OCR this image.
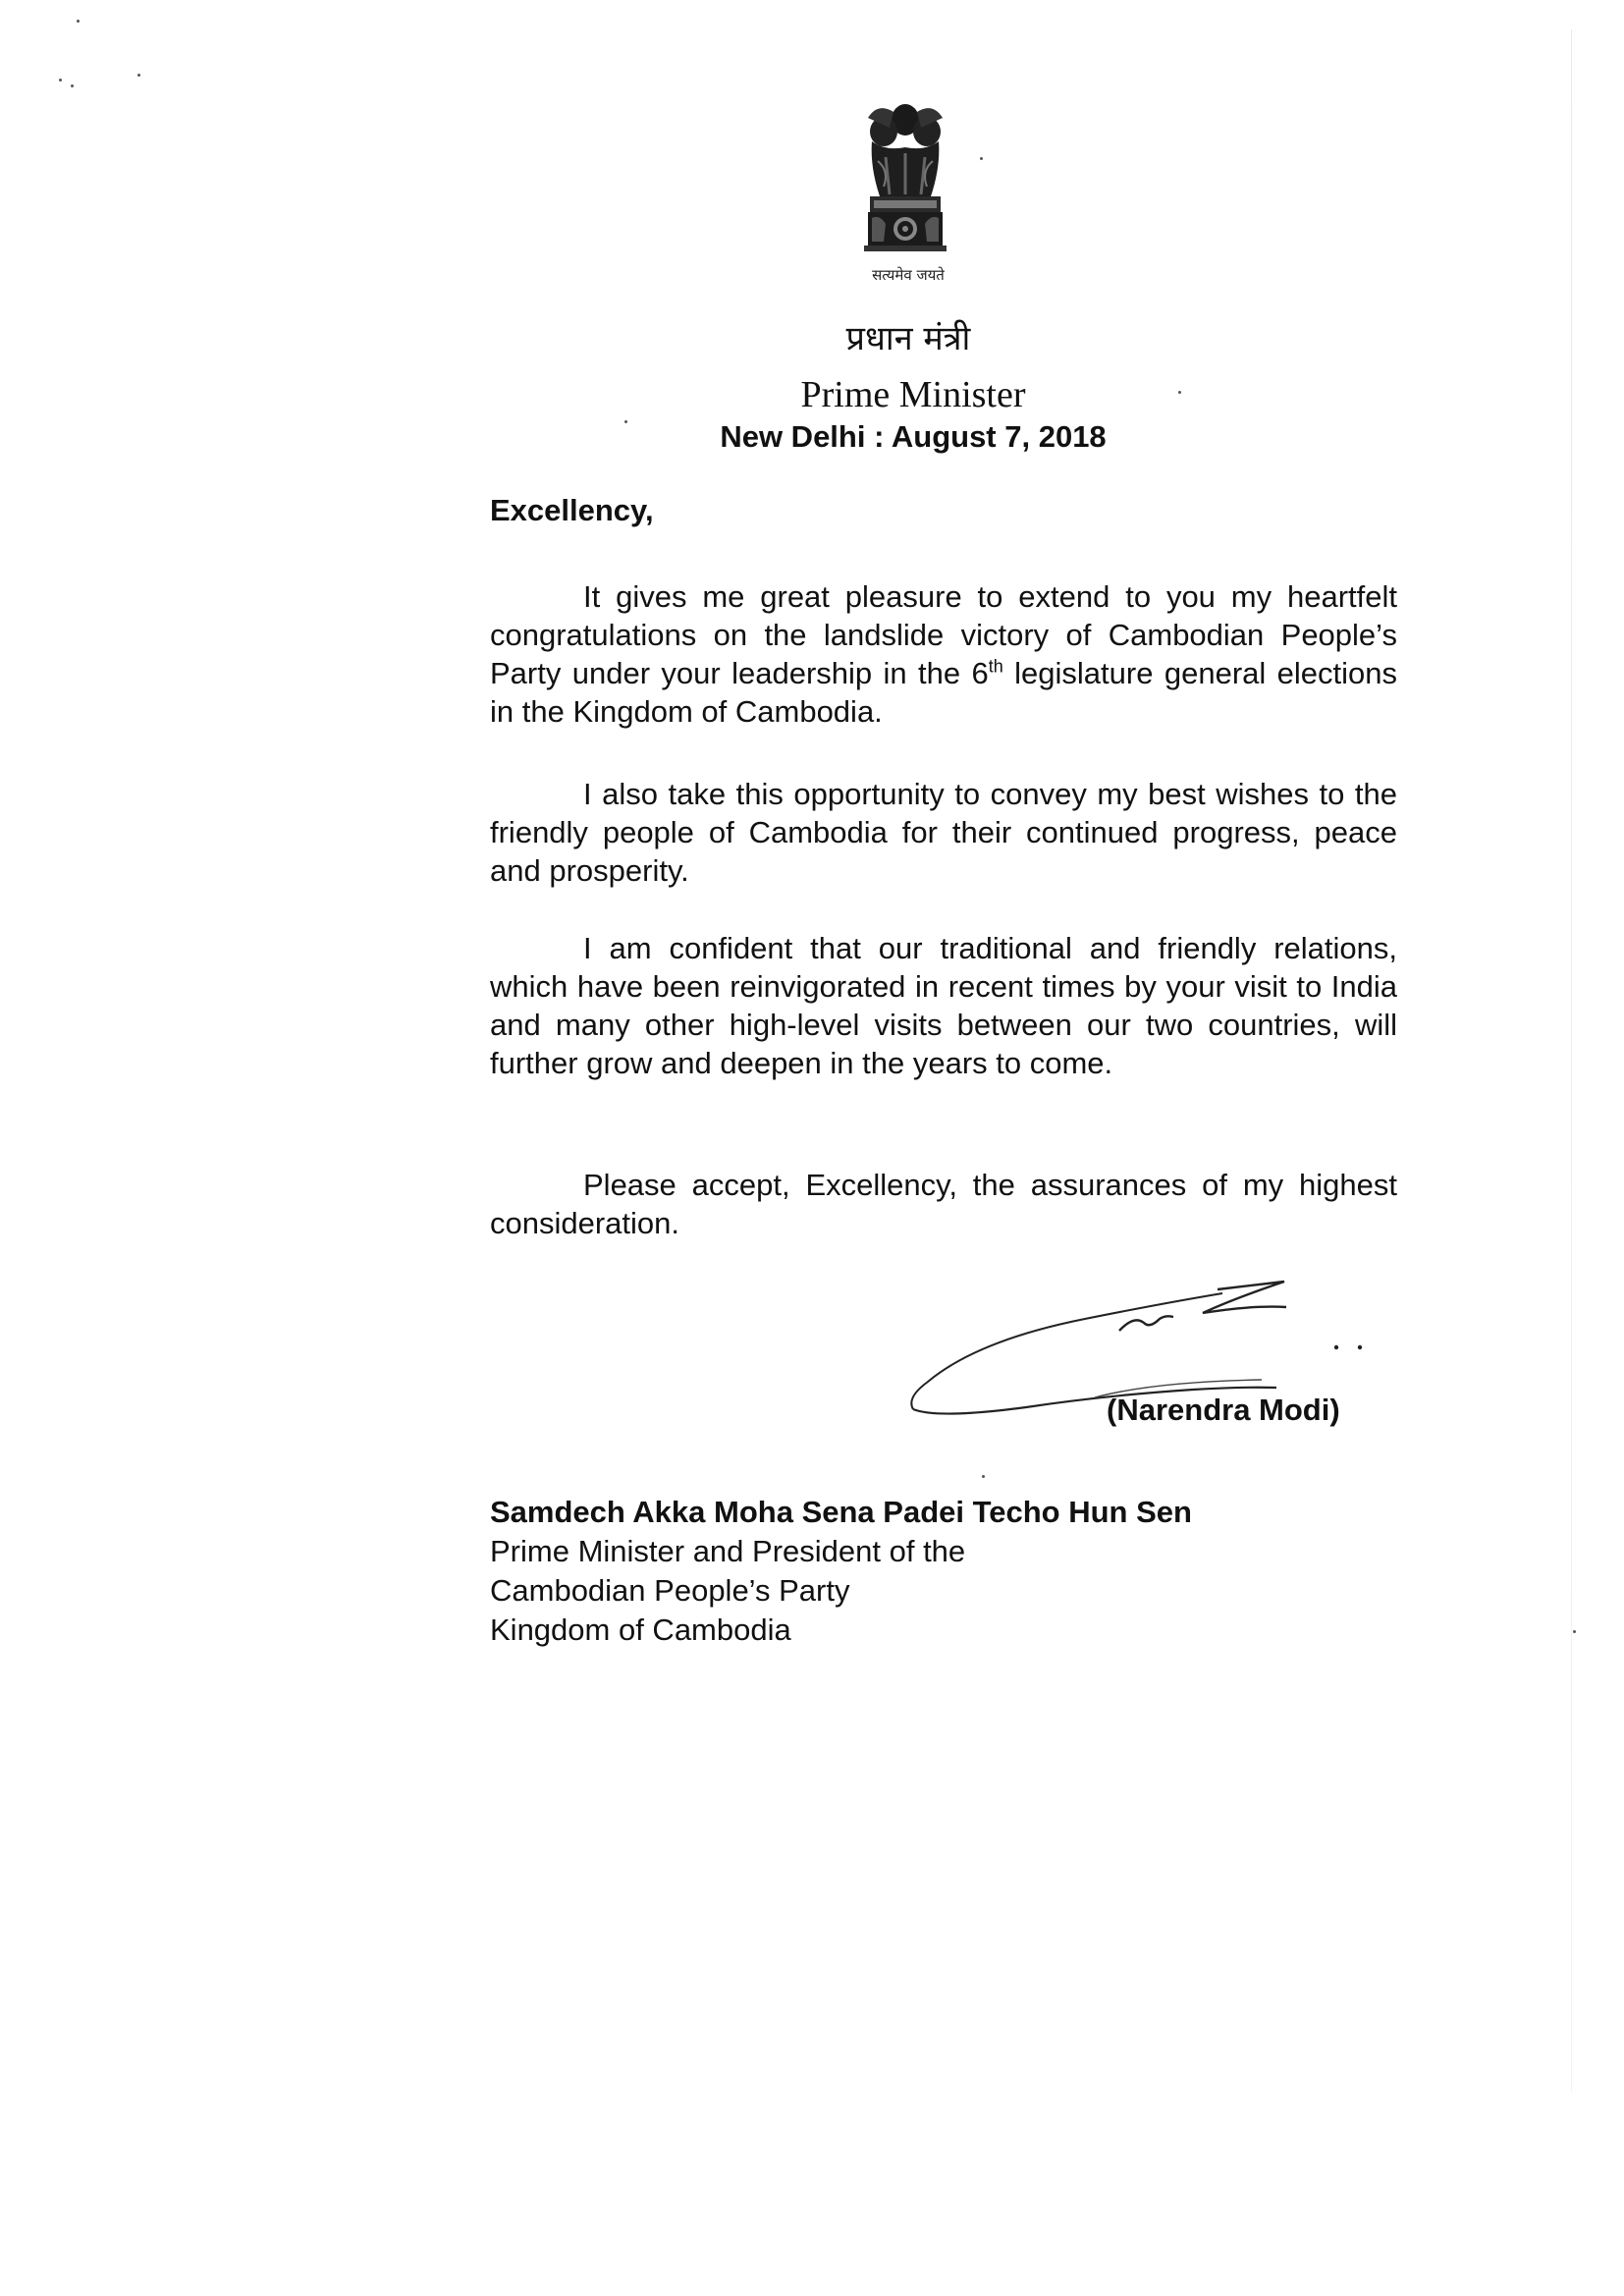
सत्यमेव जयते
प्रधान मंत्री
Prime Minister
New Delhi : August 7, 2018
Excellency,
It gives me great pleasure to extend to you my heartfelt congratulations on the landslide victory of Cambodian People’s Party under your leadership in the 6th legislature general elections in the Kingdom of Cambodia.
I also take this opportunity to convey my best wishes to the friendly people of Cambodia for their continued progress, peace and prosperity.
I am confident that our traditional and friendly relations, which have been reinvigorated in recent times by your visit to India and many other high-level visits between our two countries, will further grow and deepen in the years to come.
Please accept, Excellency, the assurances of my highest consideration.
(Narendra Modi)
Samdech Akka Moha Sena Padei Techo Hun Sen
Prime Minister and President of the
Cambodian People’s Party
Kingdom of Cambodia
